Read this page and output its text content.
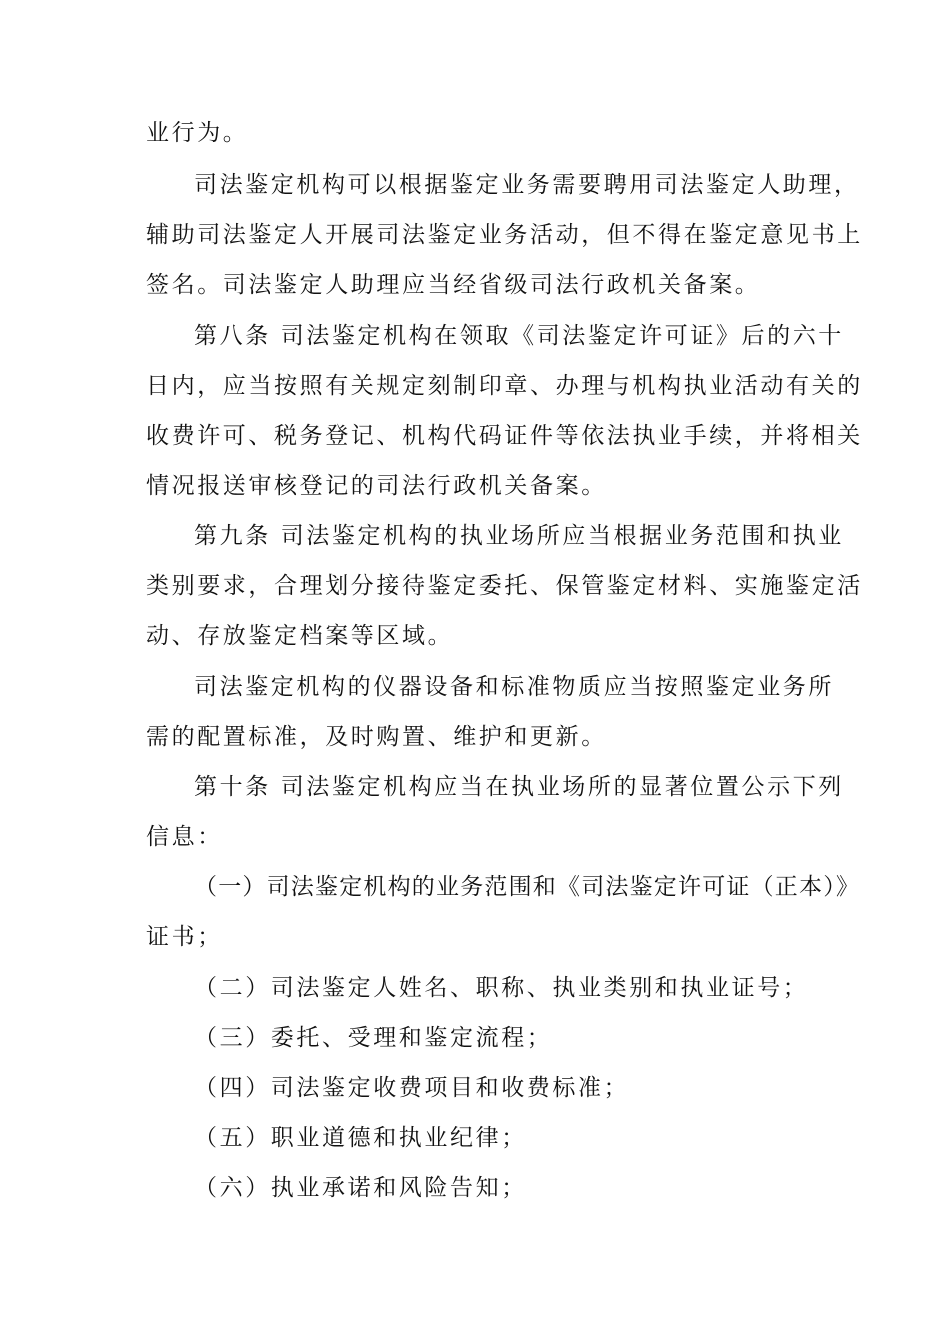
业行为。
司法鉴定机构可以根据鉴定业务需要聘用司法鉴定人助理，
辅助司法鉴定人开展司法鉴定业务活动，但不得在鉴定意见书上
签名。司法鉴定人助理应当经省级司法行政机关备案。
第八条 司法鉴定机构在领取《司法鉴定许可证》后的六十
日内，应当按照有关规定刻制印章、办理与机构执业活动有关的
收费许可、税务登记、机构代码证件等依法执业手续，并将相关
情况报送审核登记的司法行政机关备案。
第九条 司法鉴定机构的执业场所应当根据业务范围和执业
类别要求，合理划分接待鉴定委托、保管鉴定材料、实施鉴定活
动、存放鉴定档案等区域。
司法鉴定机构的仪器设备和标准物质应当按照鉴定业务所
需的配置标准，及时购置、维护和更新。
第十条 司法鉴定机构应当在执业场所的显著位置公示下列
信息：
（一）司法鉴定机构的业务范围和《司法鉴定许可证（正本）》
证书；
（二）司法鉴定人姓名、职称、执业类别和执业证号；
（三）委托、受理和鉴定流程；
（四）司法鉴定收费项目和收费标准；
（五）职业道德和执业纪律；
（六）执业承诺和风险告知；
